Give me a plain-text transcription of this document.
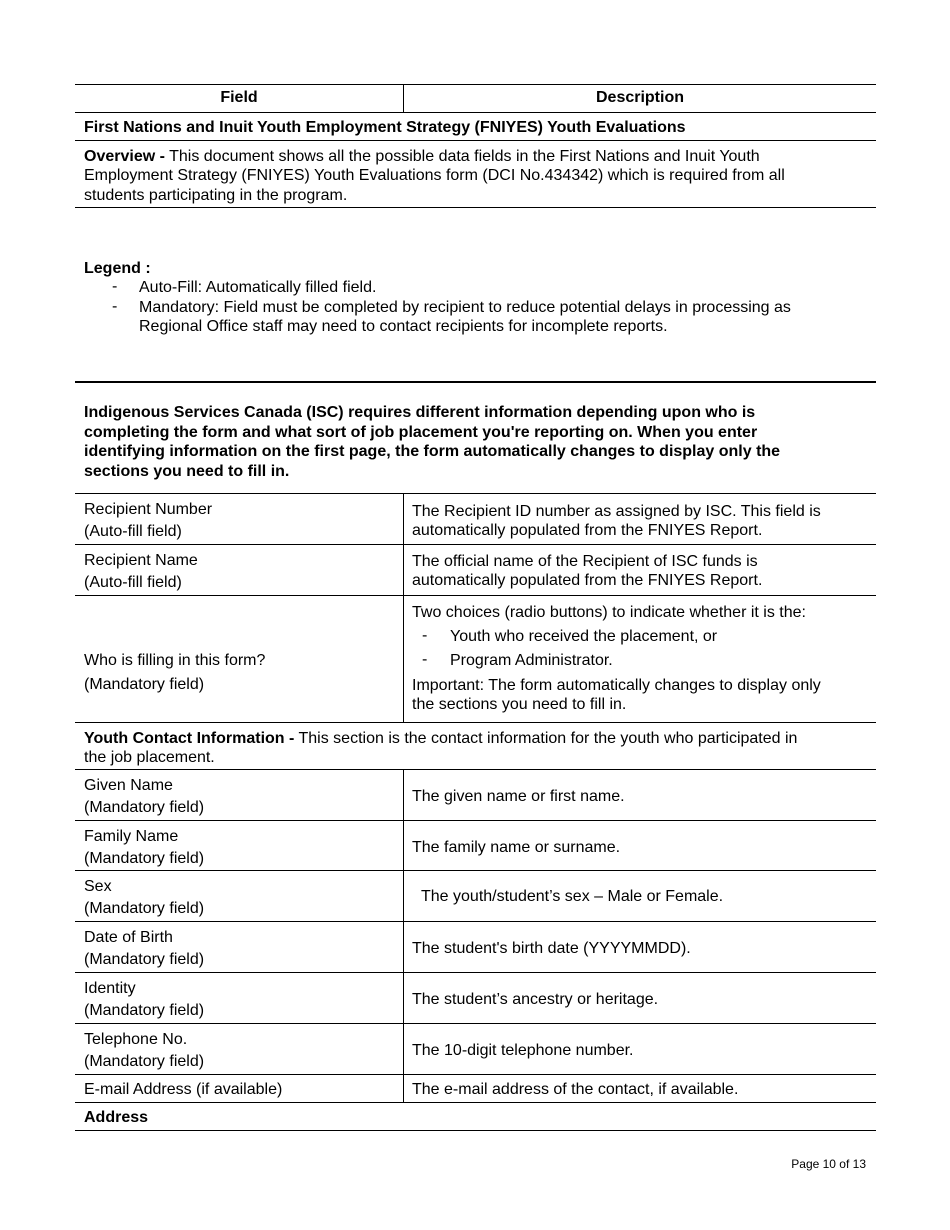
Field	Description
First Nations and Inuit Youth Employment Strategy (FNIYES) Youth Evaluations
Overview - This document shows all the possible data fields in the First Nations and Inuit Youth
Employment Strategy (FNIYES) Youth Evaluations form (DCI No.434342) which is required from all
students participating in the program.
Legend :
- Auto-Fill: Automatically filled field.
- Mandatory: Field must be completed by recipient to reduce potential delays in processing as
Regional Office staff may need to contact recipients for incomplete reports.
Indigenous Services Canada (ISC) requires different information depending upon who is
completing the form and what sort of job placement you're reporting on. When you enter
identifying information on the first page, the form automatically changes to display only the
sections you need to fill in.
Recipient Number
(Auto-fill field)
The Recipient ID number as assigned by ISC. This field is
automatically populated from the FNIYES Report.
Recipient Name
(Auto-fill field)
The official name of the Recipient of ISC funds is
automatically populated from the FNIYES Report.
Who is filling in this form?
(Mandatory field)
Two choices (radio buttons) to indicate whether it is the:
- Youth who received the placement, or
- Program Administrator.
Important: The form automatically changes to display only
the sections you need to fill in.
Youth Contact Information - This section is the contact information for the youth who participated in
the job placement.
Given Name
(Mandatory field)
The given name or first name.
Family Name
(Mandatory field)
The family name or surname.
Sex
(Mandatory field)
The youth/student’s sex – Male or Female.
Date of Birth
(Mandatory field)
The student's birth date (YYYYMMDD).
Identity
(Mandatory field)
The student’s ancestry or heritage.
Telephone No.
(Mandatory field)
The 10-digit telephone number.
E-mail Address (if available)	The e-mail address of the contact, if available.
Address
Page 10 of 13
